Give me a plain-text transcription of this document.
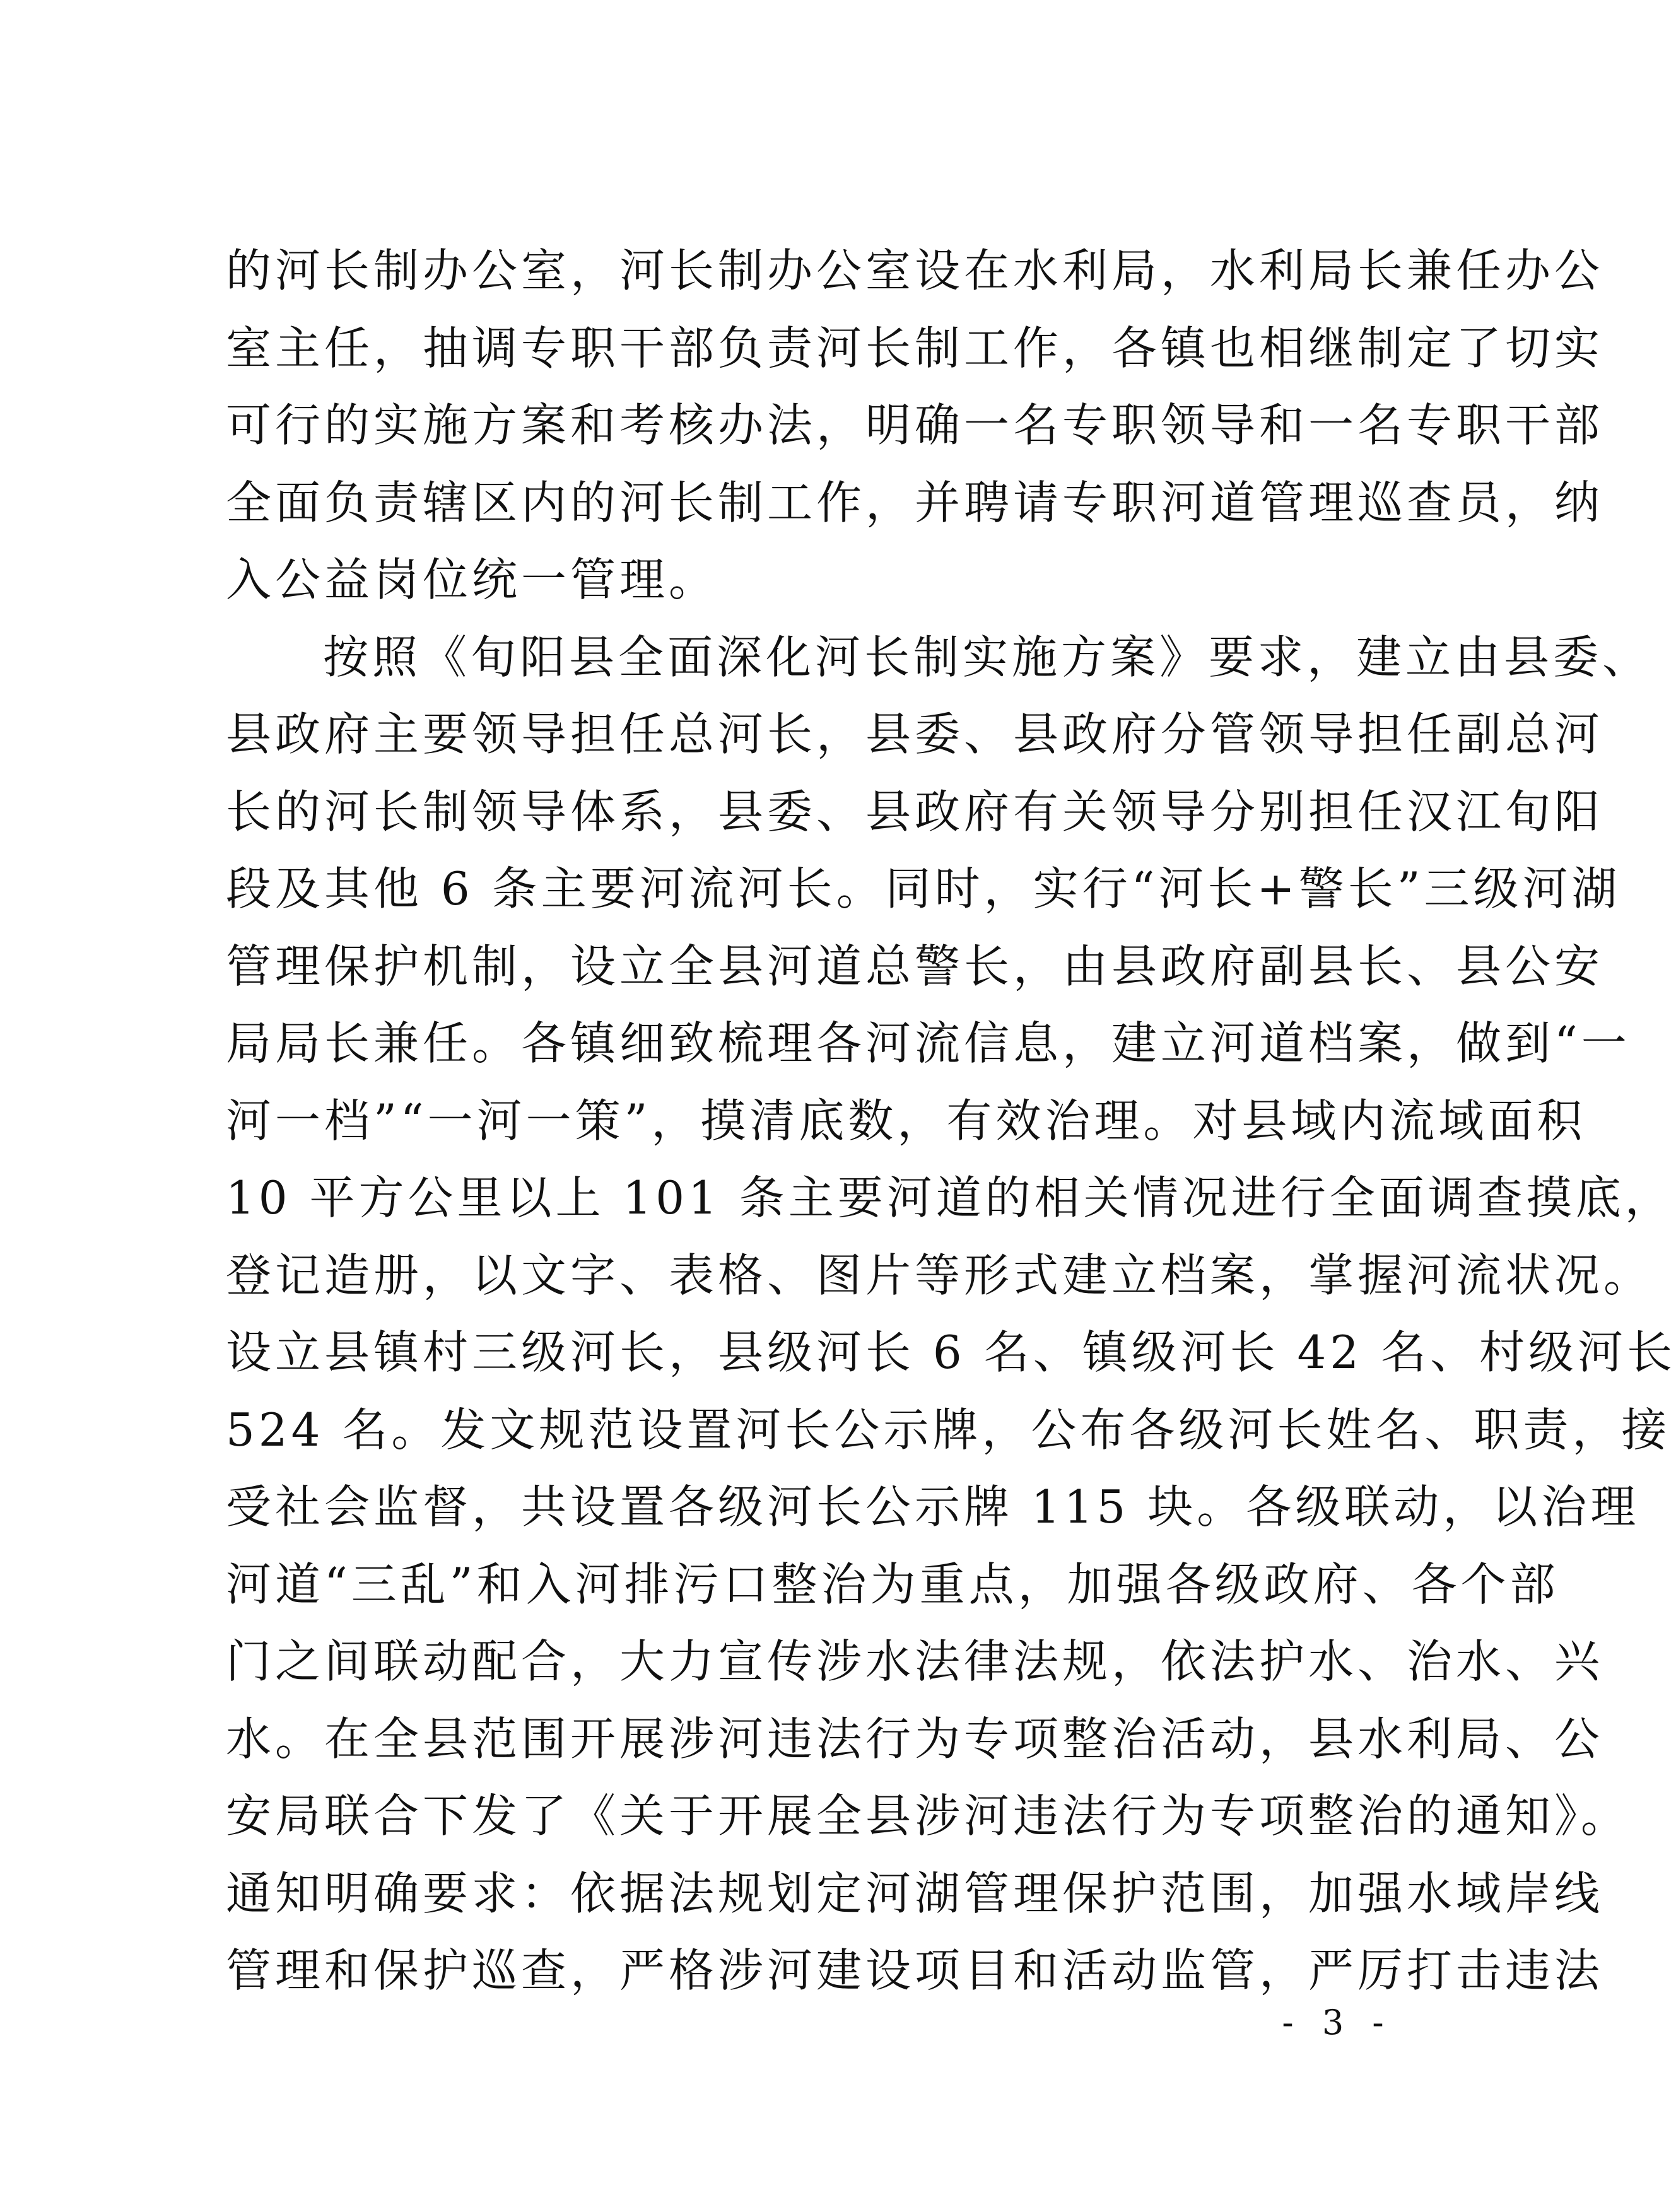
的河长制办公室，河长制办公室设在水利局，水利局长兼任办公
室主任，抽调专职干部负责河长制工作，各镇也相继制定了切实
可行的实施方案和考核办法，明确一名专职领导和一名专职干部
全面负责辖区内的河长制工作，并聘请专职河道管理巡查员，纳
入公益岗位统一管理。
按照《旬阳县全面深化河长制实施方案》要求，建立由县委、
县政府主要领导担任总河长，县委、县政府分管领导担任副总河
长的河长制领导体系，县委、县政府有关领导分别担任汉江旬阳
段及其他 6 条主要河流河长。同时，实行“河长+警长”三级河湖
管理保护机制，设立全县河道总警长，由县政府副县长、县公安
局局长兼任。各镇细致梳理各河流信息，建立河道档案，做到“一
河一档”“一河一策”，摸清底数，有效治理。对县域内流域面积
10 平方公里以上 101 条主要河道的相关情况进行全面调查摸底，
登记造册，以文字、表格、图片等形式建立档案，掌握河流状况。
设立县镇村三级河长，县级河长 6 名、镇级河长 42 名、村级河长
524 名。发文规范设置河长公示牌，公布各级河长姓名、职责，接
受社会监督，共设置各级河长公示牌 115 块。各级联动，以治理
河道“三乱”和入河排污口整治为重点，加强各级政府、各个部
门之间联动配合，大力宣传涉水法律法规，依法护水、治水、兴
水。在全县范围开展涉河违法行为专项整治活动，县水利局、公
安局联合下发了《关于开展全县涉河违法行为专项整治的通知》。
通知明确要求：依据法规划定河湖管理保护范围，加强水域岸线
管理和保护巡查，严格涉河建设项目和活动监管，严厉打击违法
- 3 -
